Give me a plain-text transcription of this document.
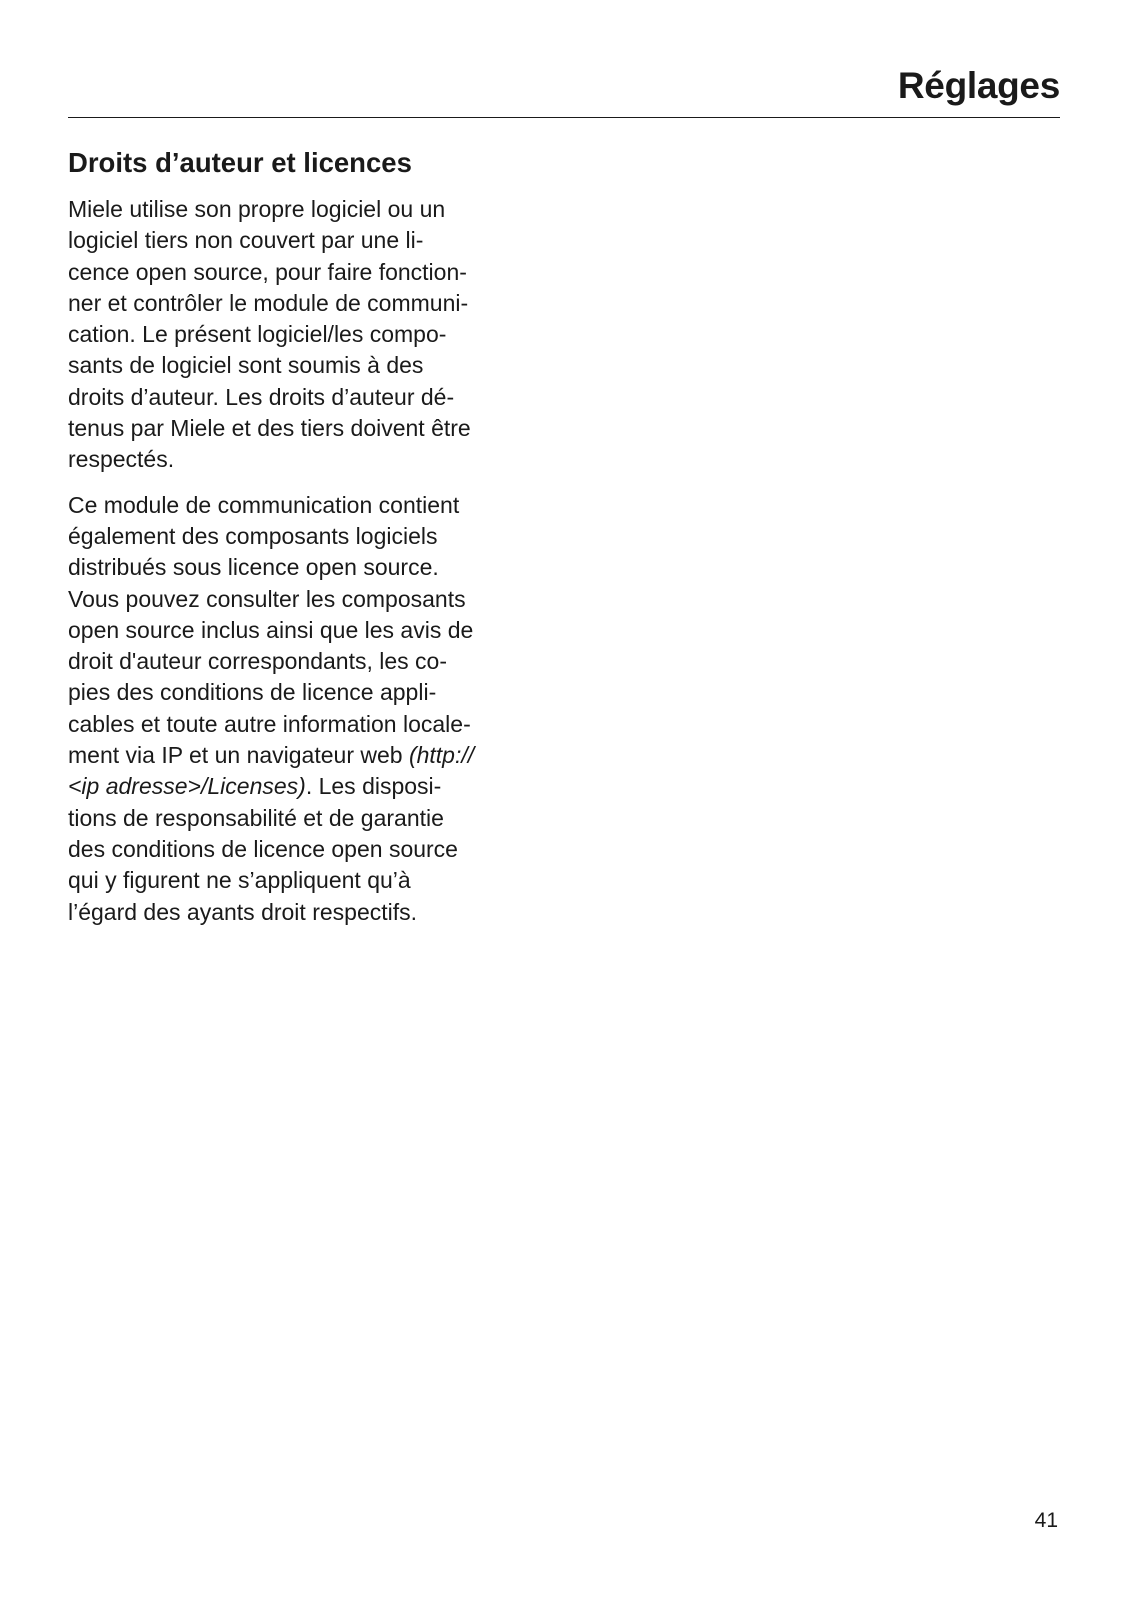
Réglages
Droits d’auteur et licences

Miele utilise son propre logiciel ou un
logiciel tiers non couvert par une li-
cence open source, pour faire fonction-
ner et contrôler le module de communi-
cation. Le présent logiciel/les compo-
sants de logiciel sont soumis à des
droits d’auteur. Les droits d’auteur dé-
tenus par Miele et des tiers doivent être
respectés.

Ce module de communication contient
également des composants logiciels
distribués sous licence open source.
Vous pouvez consulter les composants
open source inclus ainsi que les avis de
droit d'auteur correspondants, les co-
pies des conditions de licence appli-
cables et toute autre information locale-
ment via IP et un navigateur web (http://
<ip adresse>/Licenses). Les disposi-
tions de responsabilité et de garantie
des conditions de licence open source
qui y figurent ne s’appliquent qu’à
l’égard des ayants droit respectifs.

41
